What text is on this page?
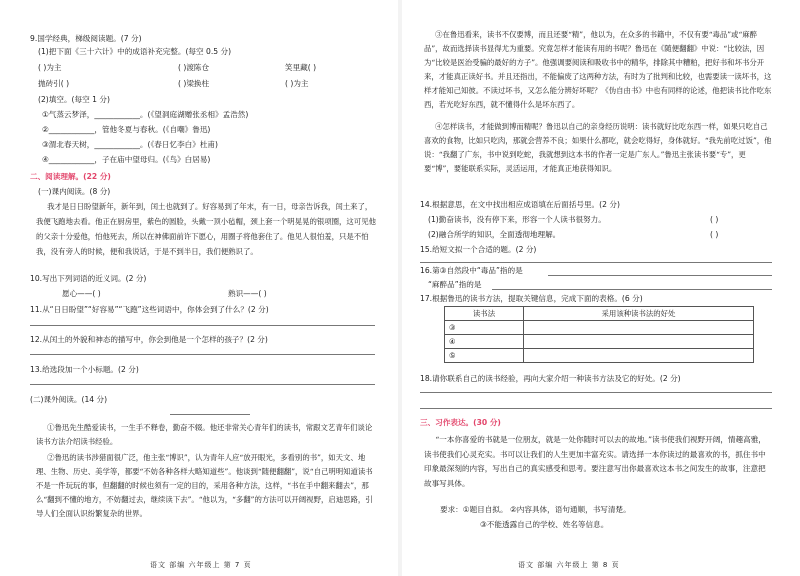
9.国学经典，梯级阅读题。(7 分)
(1)把下面《三十六计》中的成语补充完整。(每空 0.5 分)
( )为主	( )渡陈仓	笑里藏( )
抛砖引( )	( )梁换柱	( )为主
(2)填空。(每空 1 分)
①气蒸云梦泽，____________。(《望洞庭湖赠张丞相》孟浩然)
②____________，管他冬夏与春秋。(《自嘲》鲁迅)
③渭北春天树，____________。(《春日忆李白》杜甫)
④____________，子在庙中望母归。(《鸟》白居易)
二、阅读理解。(22 分)
(一)课内阅读。(8 分)
我才是日日盼望新年，新年到，闰土也就到了。好容易到了年末，有一日，母亲告诉我，闰土来了，我便飞跑地去看。他正在厨房里，紫色的圆脸，头戴一顶小毡帽，颈上套一个明晃晃的银项圈，这可见他的父亲十分爱他，怕他死去，所以在神佛面前许下愿心，用圈子将他套住了。他见人很怕羞，只是不怕我，没有旁人的时候，便和我说话，于是不到半日，我们便熟识了。
10.写出下列词语的近义词。(2 分)
愿心——( )	熟识——( )
11.从“日日盼望”“好容易”“飞跑”这些词语中，你体会到了什么？(2 分)
12.从闰土的外貌和神态的描写中，你会到他是一个怎样的孩子？(2 分)
13.给选段加一个小标题。(2 分)
(二)课外阅读。(14 分)
①鲁迅先生酷爱读书，一生手不释卷，勤奋不辍。他还非常关心青年们的读书，常跟文艺青年们谈论读书方法介绍读书经验。
②鲁迅的读书涉猎面很广泛，他主张“博识”，认为青年人应“放开眼光，多看别的书”，如天文、地理、生物、历史、美学等，都要“不妨各种各样大略知道些”。他谈到“随便翻翻”，说“自己明明知道读书不是一件玩玩的事，但翻翻的时候也须有一定的目的，采用各种方法，这样，“书在手中翻来翻去”，那么“翻到不懂的地方，不妨翻过去，继续读下去”。“他以为，“多翻”的方法可以开阔视野，启迪思路，引导人们全面认识纷繁复杂的世界。
语文 部编 六年级上 第 7 页
③在鲁迅看来，读书不仅要博，而且还要“精”，他以为，在众多的书籍中，不仅有要“毒品”或“麻醉品”，故而选择读书显得尤为重要。究竟怎样才能读有用的书呢？鲁迅在《随便翻翻》中说：“比较法，因为“比较是医治受骗的最好的方子”。他强调要阅读和吸收书中的精华，排除其中糟粕，把好书和坏书分开来，才能真正读好书。并且还指出，不能偏废了这两种方法，有时为了批判和比较，也需要读一读坏书，这样才能知己知彼。不读过坏书，又怎么能分辨好坏呢？《伪自由书》中也有同样的论述，他把读书比作吃东西，若光吃好东西，就不懂得什么是坏东西了。
④怎样读书，才能做到博而精呢？鲁迅以自己的亲身经历说明：读书就好比吃东西一样，如果只吃自己喜欢的食物，比如只吃肉，那就会营养不良；如果什么都吃，就会吃得好，身体就好。“我先前吃过饭”，他说：“我翻了广东，书中说到吃蛇，我就想到这本书的作者一定是广东人。”鲁迅主张读书要“专”，更要“博”，要能联系实际，灵活运用，才能真正地获得知识。
14.根据意思，在文中找出相应成语填在后面括号里。(2 分)
(1)勤奋读书，没有停下来，形容一个人读书很努力。	( )
(2)融合所学的知识，全面透彻地理解。	( )
15.给短文拟一个合适的题。(2 分)
16.第③自然段中“毒品”指的是
“麻醉品”指的是
17.根据鲁迅的读书方法，提取关键信息，完成下面的表格。(6 分)
读书法	采用该种读书法的好处
③	
④	
⑤	
18.请你联系自己的读书经验，再向大家介绍一种读书方法及它的好处。(2 分)
三、习作表达。(30 分)
“一本你喜爱的书就是一位朋友，就是一处你随时可以去的故地。”读书使我们视野开阔，情趣高雅，读书使我们心灵充实。书可以让我们的人生更加丰富充实。请选择一本你读过的最喜欢的书，抓住书中印象最深刻的内容，写出自己的真实感受和思考。要注意写出你最喜欢这本书之间发生的故事，注意把故事写具体。
要求：①题目自拟。 ②内容具体，语句通顺，书写清楚。
③不能透露自己的学校、姓名等信息。
语文 部编 六年级上 第 8 页
